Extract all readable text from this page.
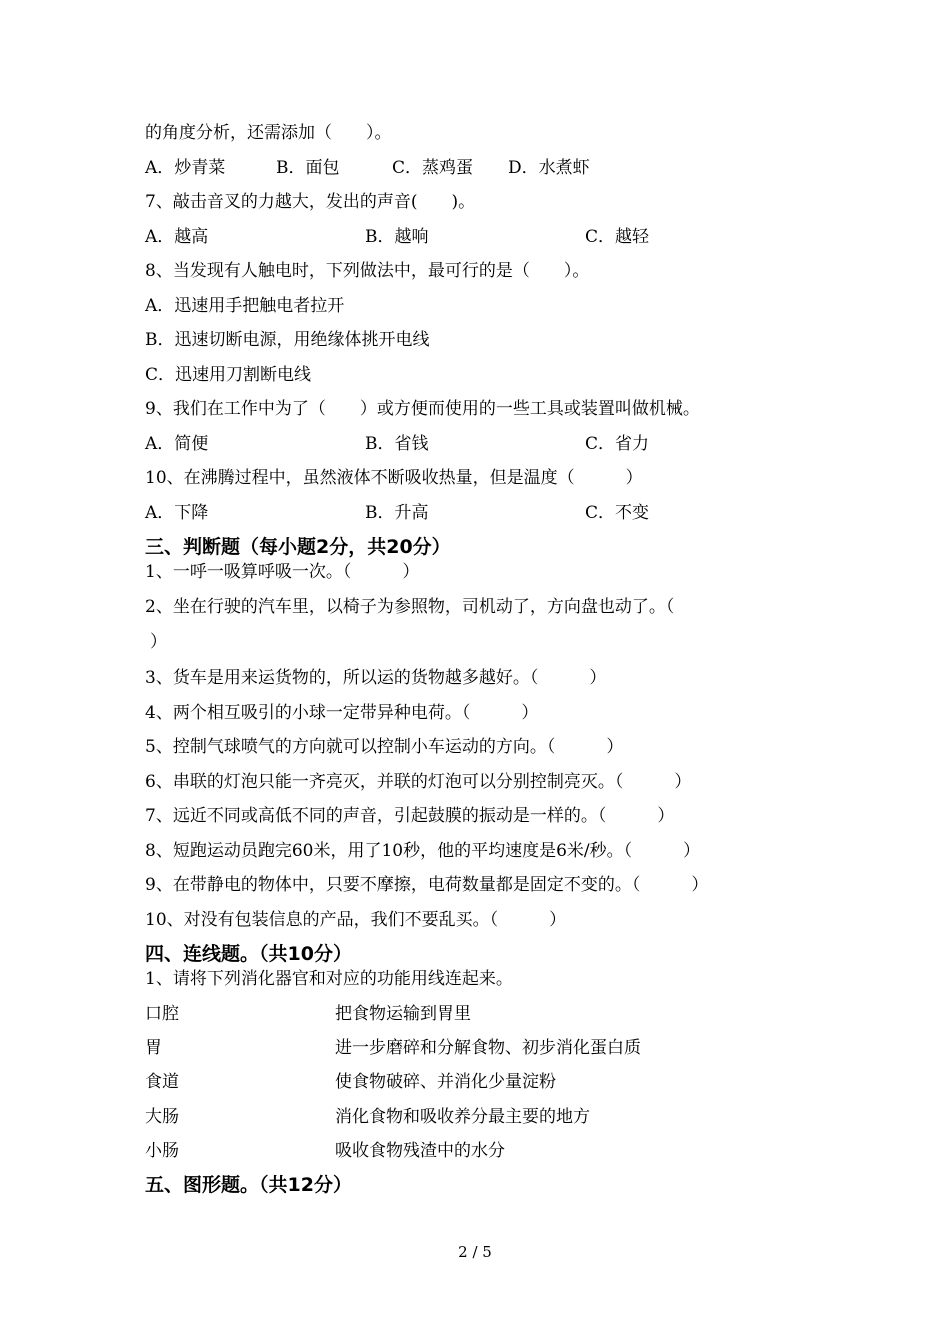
的角度分析，还需添加（　　）。
A．炒青菜	B．面包	C．蒸鸡蛋 D．水煮虾
7、敲击音叉的力越大，发出的声音(　　)。
A．越高	B．越响	C．越轻
8、当发现有人触电时，下列做法中，最可行的是（　　）。
A．迅速用手把触电者拉开
B．迅速切断电源，用绝缘体挑开电线
C．迅速用刀割断电线
9、我们在工作中为了（　　）或方便而使用的一些工具或装置叫做机械。
A．简便	B．省钱	C．省力
10、在沸腾过程中，虽然液体不断吸收热量，但是温度（　　　）
A．下降	B．升高	C．不变
三、判断题（每小题2分，共20分）
1、一呼一吸算呼吸一次。（　　　）
2、坐在行驶的汽车里，以椅子为参照物，司机动了，方向盘也动了。（
）
3、货车是用来运货物的，所以运的货物越多越好。（　　　）
4、两个相互吸引的小球一定带异种电荷。（　　　）
5、控制气球喷气的方向就可以控制小车运动的方向。（　　　）
6、串联的灯泡只能一齐亮灭，并联的灯泡可以分别控制亮灭。（　　　）
7、远近不同或高低不同的声音，引起鼓膜的振动是一样的。（　　　）
8、短跑运动员跑完60米，用了10秒，他的平均速度是6米/秒。（　　　）
9、在带静电的物体中，只要不摩擦，电荷数量都是固定不变的。（　　　）
10、对没有包装信息的产品，我们不要乱买。（　　　）
四、连线题。（共10分）
1、请将下列消化器官和对应的功能用线连起来。
口腔	把食物运输到胃里
胃	进一步磨碎和分解食物、初步消化蛋白质
食道	使食物破碎、并消化少量淀粉
大肠	消化食物和吸收养分最主要的地方
小肠	吸收食物残渣中的水分
五、图形题。（共12分）
2 / 5
